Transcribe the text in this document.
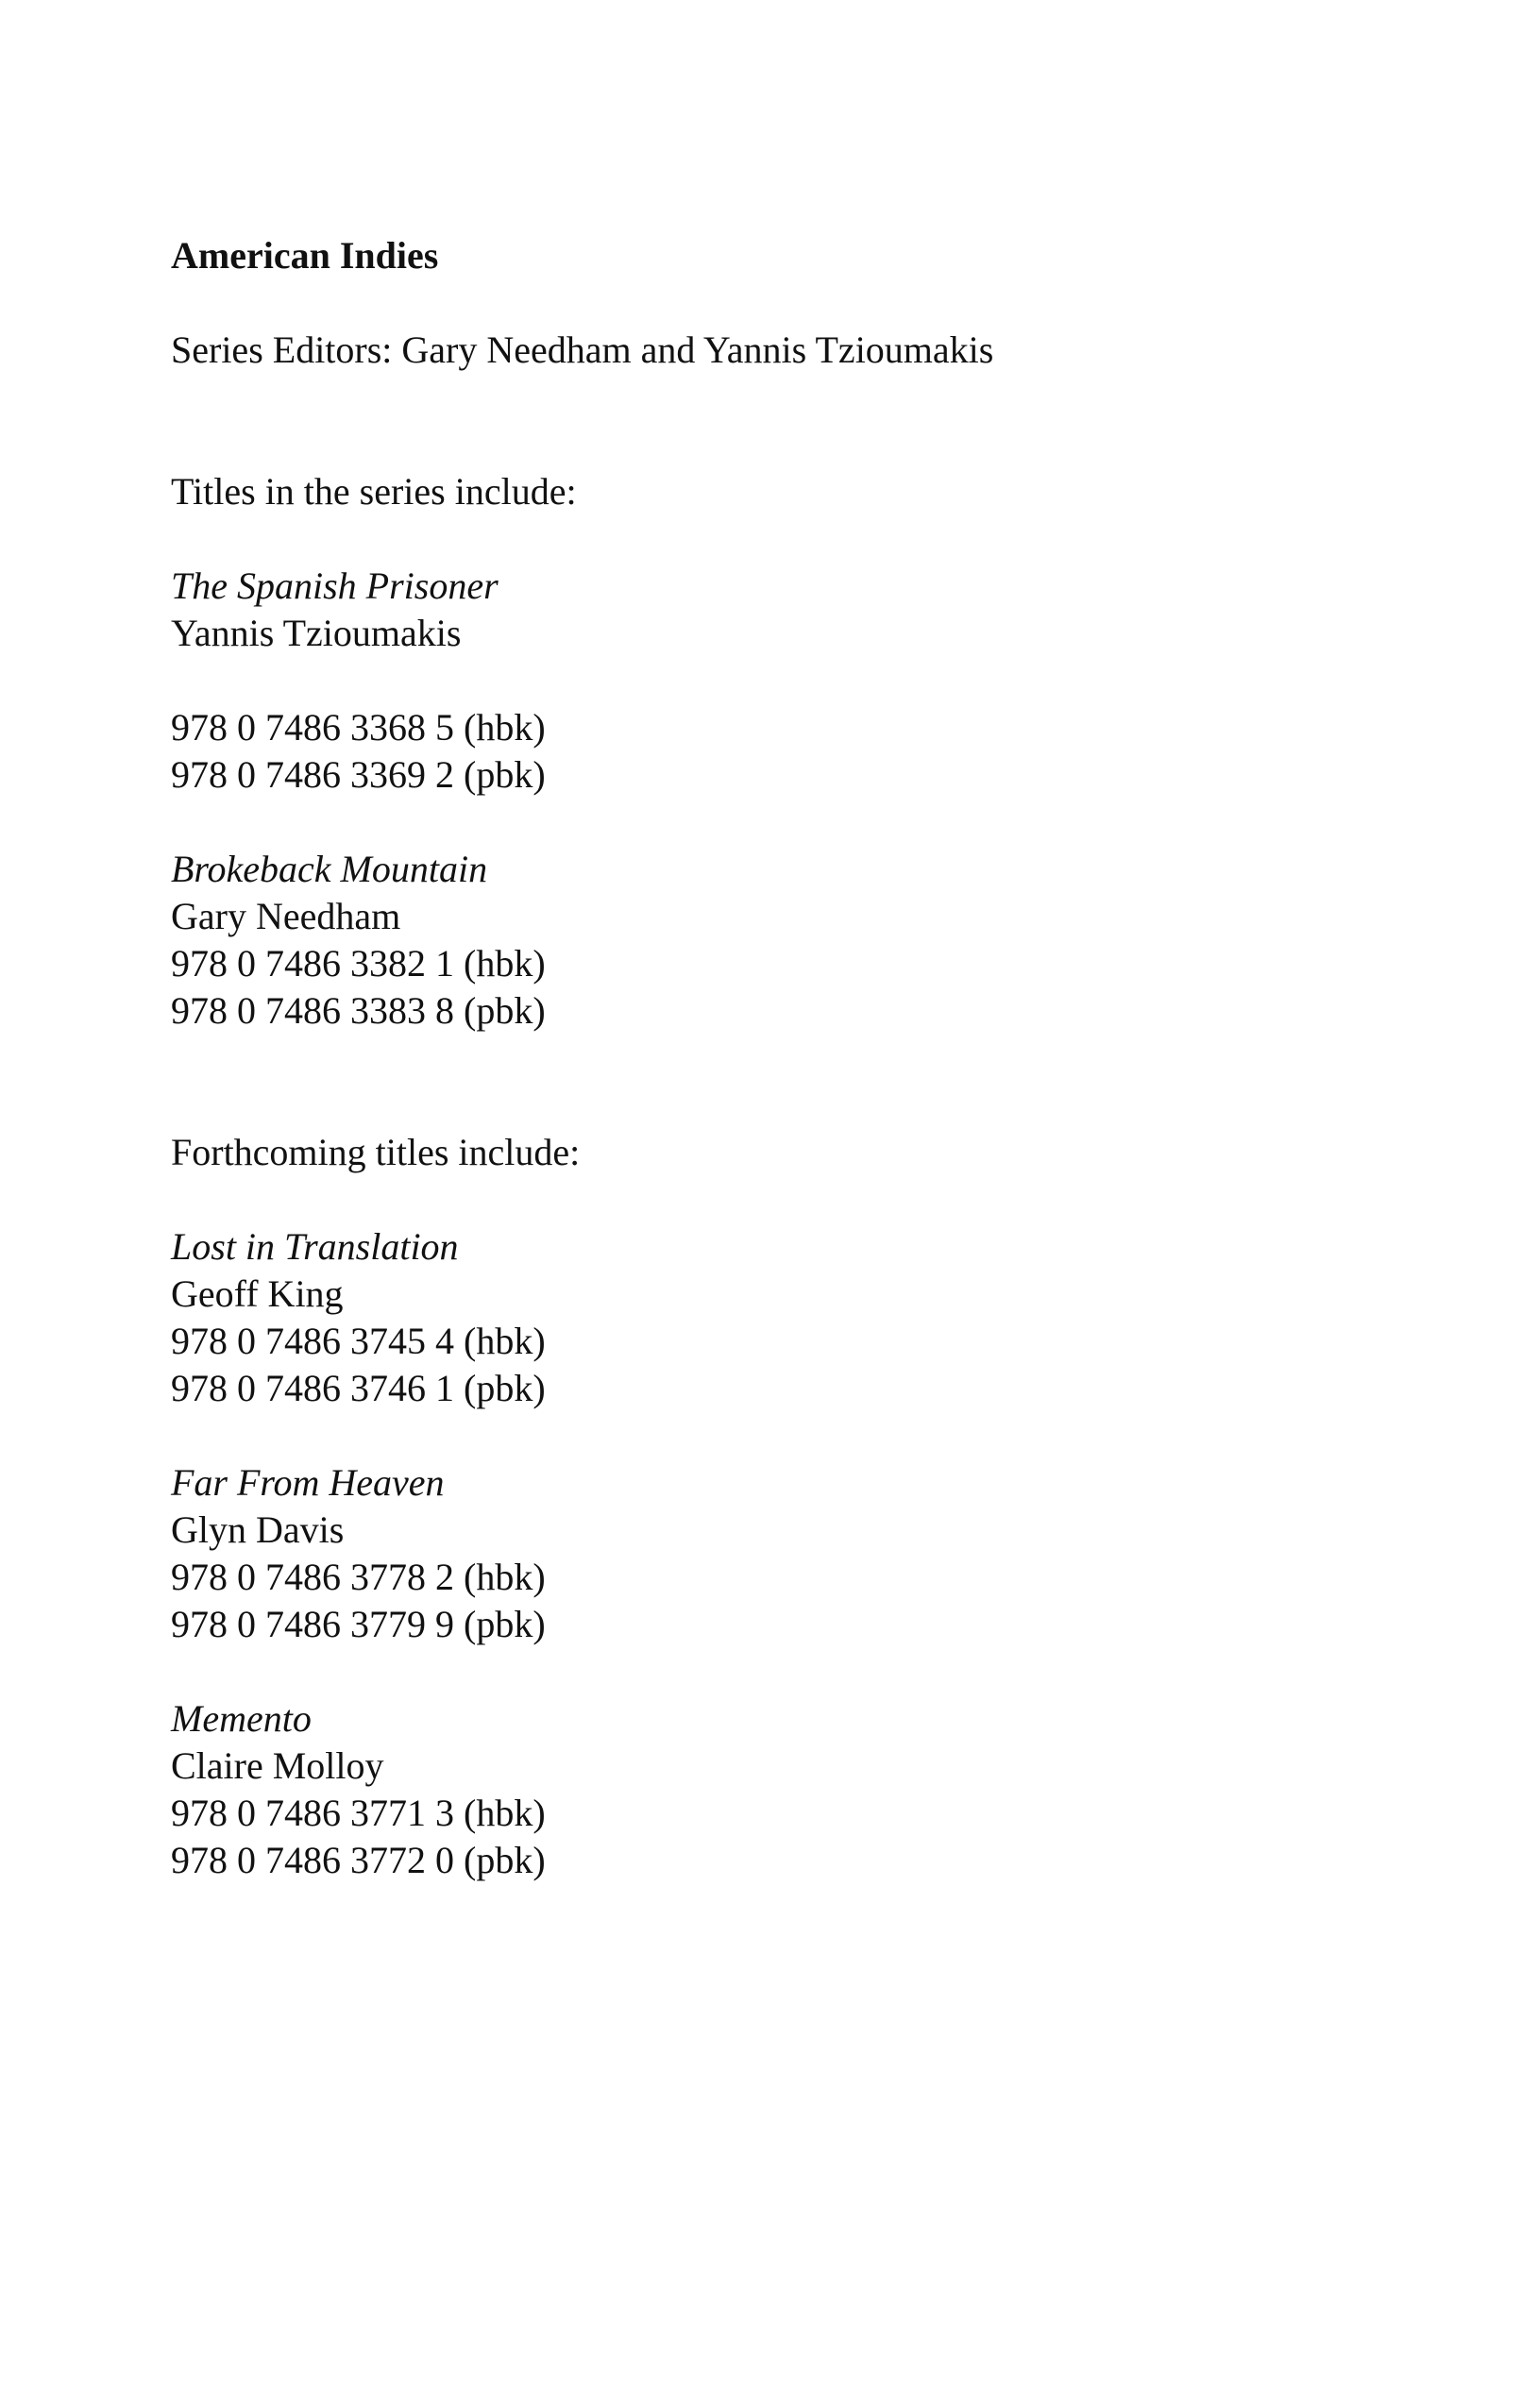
American Indies
Series Editors: Gary Needham and Yannis Tzioumakis
Titles in the series include:
The Spanish Prisoner
Yannis Tzioumakis
978 0 7486 3368 5 (hbk)
978 0 7486 3369 2 (pbk)
Brokeback Mountain
Gary Needham
978 0 7486 3382 1 (hbk)
978 0 7486 3383 8 (pbk)
Forthcoming titles include:
Lost in Translation
Geoff King
978 0 7486 3745 4 (hbk)
978 0 7486 3746 1 (pbk)
Far From Heaven
Glyn Davis
978 0 7486 3778 2 (hbk)
978 0 7486 3779 9 (pbk)
Memento
Claire Molloy
978 0 7486 3771 3 (hbk)
978 0 7486 3772 0 (pbk)
